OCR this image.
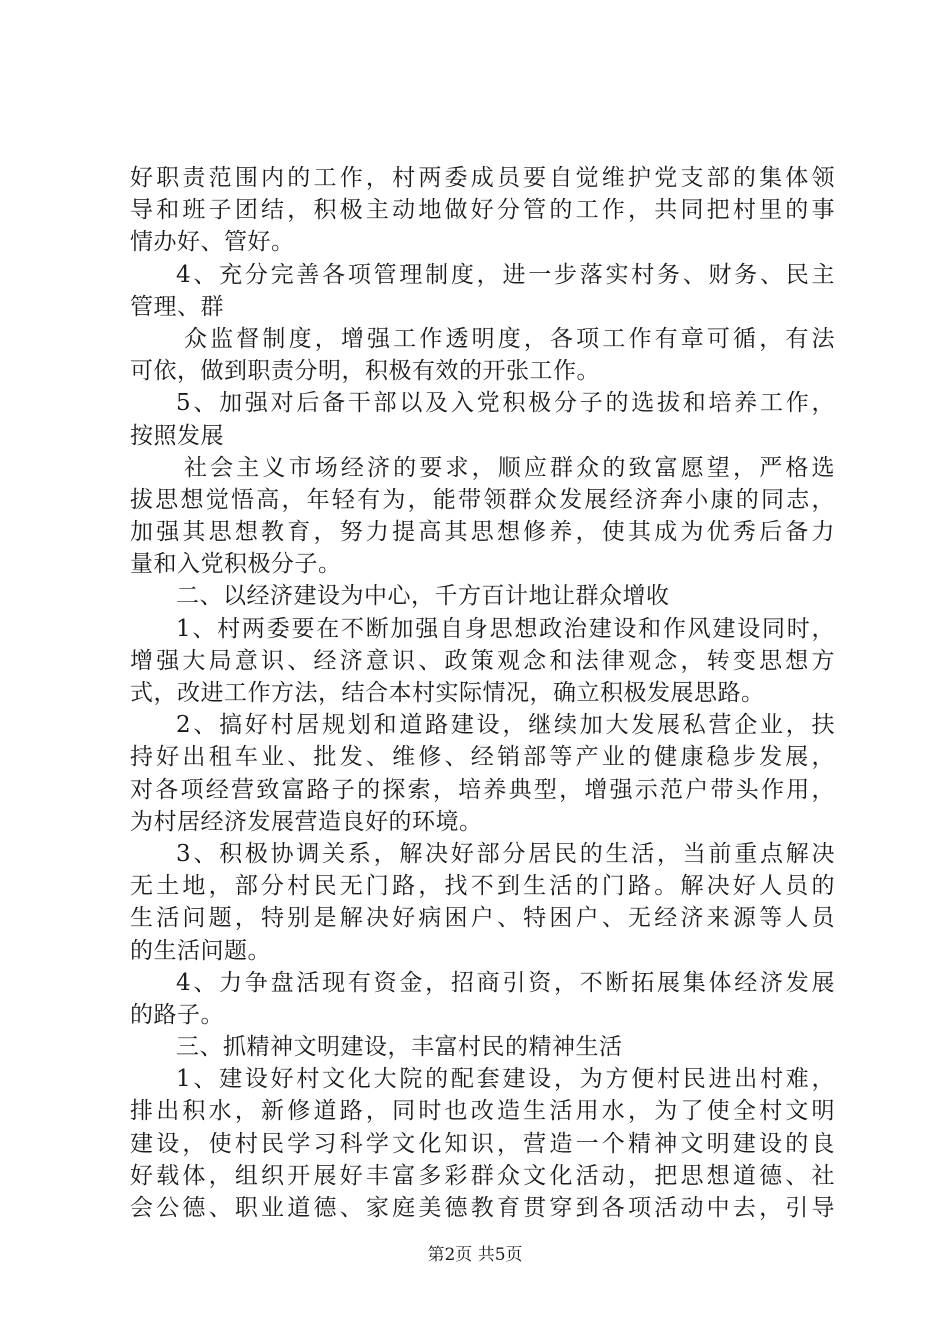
好职责范围内的工作，村两委成员要自觉维护党支部的集体领
导和班子团结，积极主动地做好分管的工作，共同把村里的事
情办好、管好。
4、充分完善各项管理制度，进一步落实村务、财务、民主
管理、群
众监督制度，增强工作透明度，各项工作有章可循，有法
可依，做到职责分明，积极有效的开张工作。
5、加强对后备干部以及入党积极分子的选拔和培养工作，
按照发展
社会主义市场经济的要求，顺应群众的致富愿望，严格选
拔思想觉悟高，年轻有为，能带领群众发展经济奔小康的同志，
加强其思想教育，努力提高其思想修养，使其成为优秀后备力
量和入党积极分子。
二、以经济建设为中心，千方百计地让群众增收
1、村两委要在不断加强自身思想政治建设和作风建设同时，
增强大局意识、经济意识、政策观念和法律观念，转变思想方
式，改进工作方法，结合本村实际情况，确立积极发展思路。
2、搞好村居规划和道路建设，继续加大发展私营企业，扶
持好出租车业、批发、维修、经销部等产业的健康稳步发展，
对各项经营致富路子的探索，培养典型，增强示范户带头作用，
为村居经济发展营造良好的环境。
3、积极协调关系，解决好部分居民的生活，当前重点解决
无土地，部分村民无门路，找不到生活的门路。解决好人员的
生活问题，特别是解决好病困户、特困户、无经济来源等人员
的生活问题。
4、力争盘活现有资金，招商引资，不断拓展集体经济发展
的路子。
三、抓精神文明建设，丰富村民的精神生活
1、建设好村文化大院的配套建设，为方便村民进出村难，
排出积水，新修道路，同时也改造生活用水，为了使全村文明
建设，使村民学习科学文化知识，营造一个精神文明建设的良
好载体，组织开展好丰富多彩群众文化活动，把思想道德、社
会公德、职业道德、家庭美德教育贯穿到各项活动中去，引导
第2页 共5页
